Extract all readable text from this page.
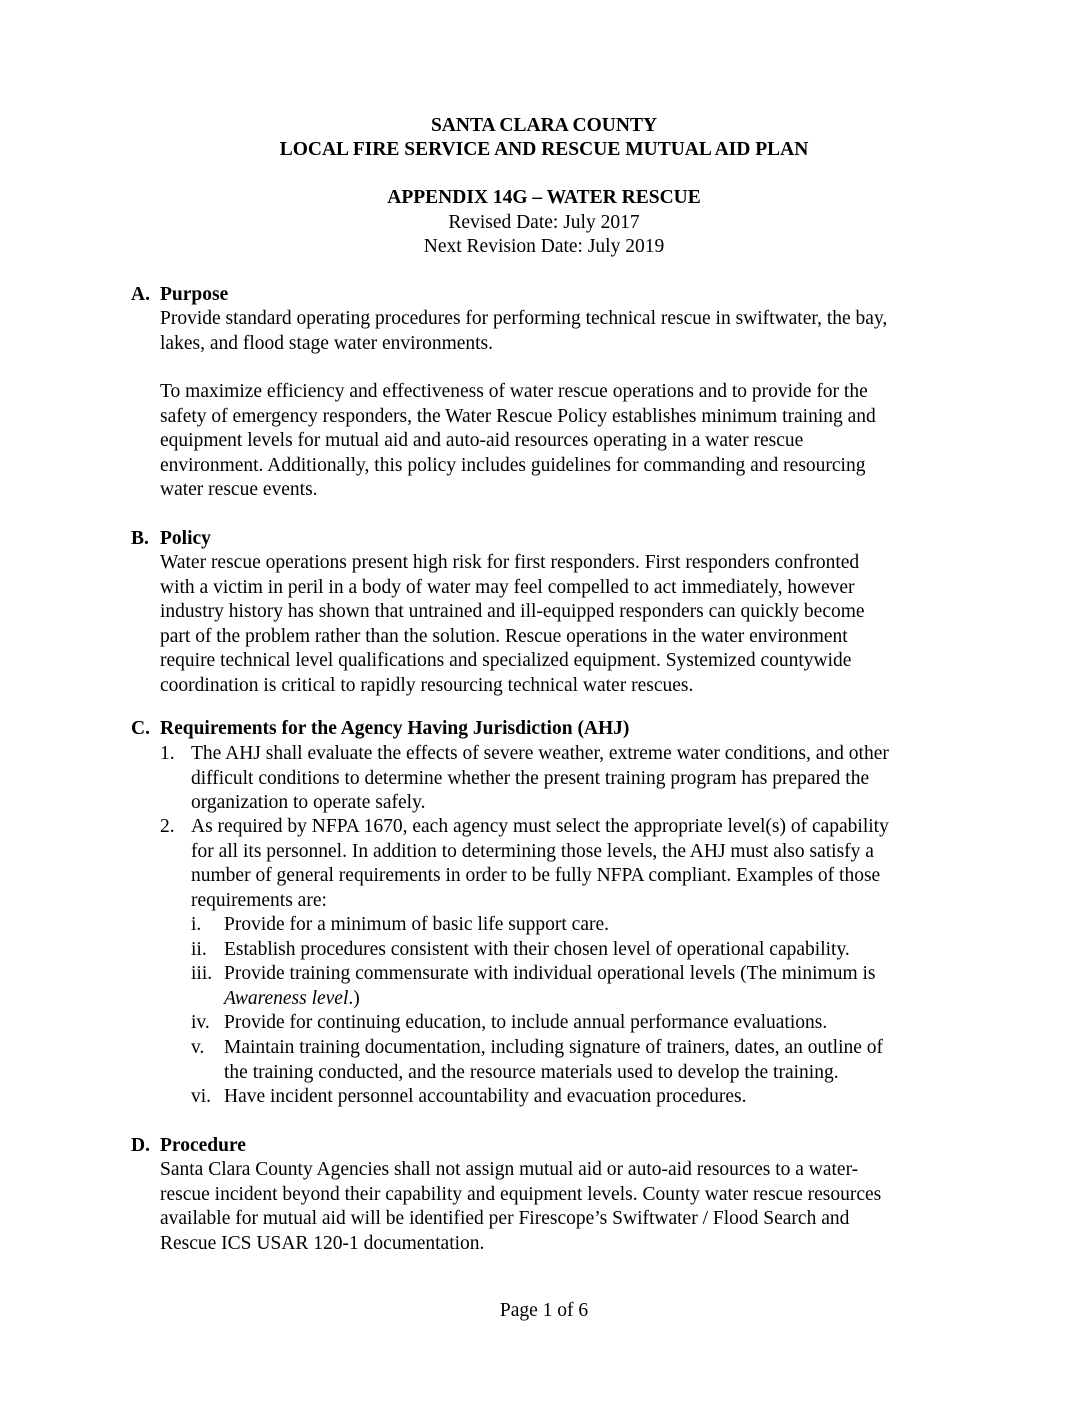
SANTA CLARA COUNTY
LOCAL FIRE SERVICE AND RESCUE MUTUAL AID PLAN
APPENDIX 14G – WATER RESCUE
Revised Date: July 2017
Next Revision Date: July 2019
A. Purpose
Provide standard operating procedures for performing technical rescue in swiftwater, the bay,
lakes, and flood stage water environments.
To maximize efficiency and effectiveness of water rescue operations and to provide for the
safety of emergency responders, the Water Rescue Policy establishes minimum training and
equipment levels for mutual aid and auto-aid resources operating in a water rescue
environment. Additionally, this policy includes guidelines for commanding and resourcing
water rescue events.
B. Policy
Water rescue operations present high risk for first responders. First responders confronted
with a victim in peril in a body of water may feel compelled to act immediately, however
industry history has shown that untrained and ill-equipped responders can quickly become
part of the problem rather than the solution. Rescue operations in the water environment
require technical level qualifications and specialized equipment. Systemized countywide
coordination is critical to rapidly resourcing technical water rescues.
C. Requirements for the Agency Having Jurisdiction (AHJ)
1. The AHJ shall evaluate the effects of severe weather, extreme water conditions, and other
difficult conditions to determine whether the present training program has prepared the
organization to operate safely.
2. As required by NFPA 1670, each agency must select the appropriate level(s) of capability
for all its personnel. In addition to determining those levels, the AHJ must also satisfy a
number of general requirements in order to be fully NFPA compliant. Examples of those
requirements are:
i.	Provide for a minimum of basic life support care.
ii. Establish procedures consistent with their chosen level of operational capability.
iii. Provide training commensurate with individual operational levels (The minimum is
Awareness level.)
iv. Provide for continuing education, to include annual performance evaluations.
v.	Maintain training documentation, including signature of trainers, dates, an outline of
the training conducted, and the resource materials used to develop the training.
vi. Have incident personnel accountability and evacuation procedures.
D. Procedure
Santa Clara County Agencies shall not assign mutual aid or auto-aid resources to a water-
rescue incident beyond their capability and equipment levels. County water rescue resources
available for mutual aid will be identified per Firescope’s Swiftwater / Flood Search and
Rescue ICS USAR 120-1 documentation.
Page 1 of 6
